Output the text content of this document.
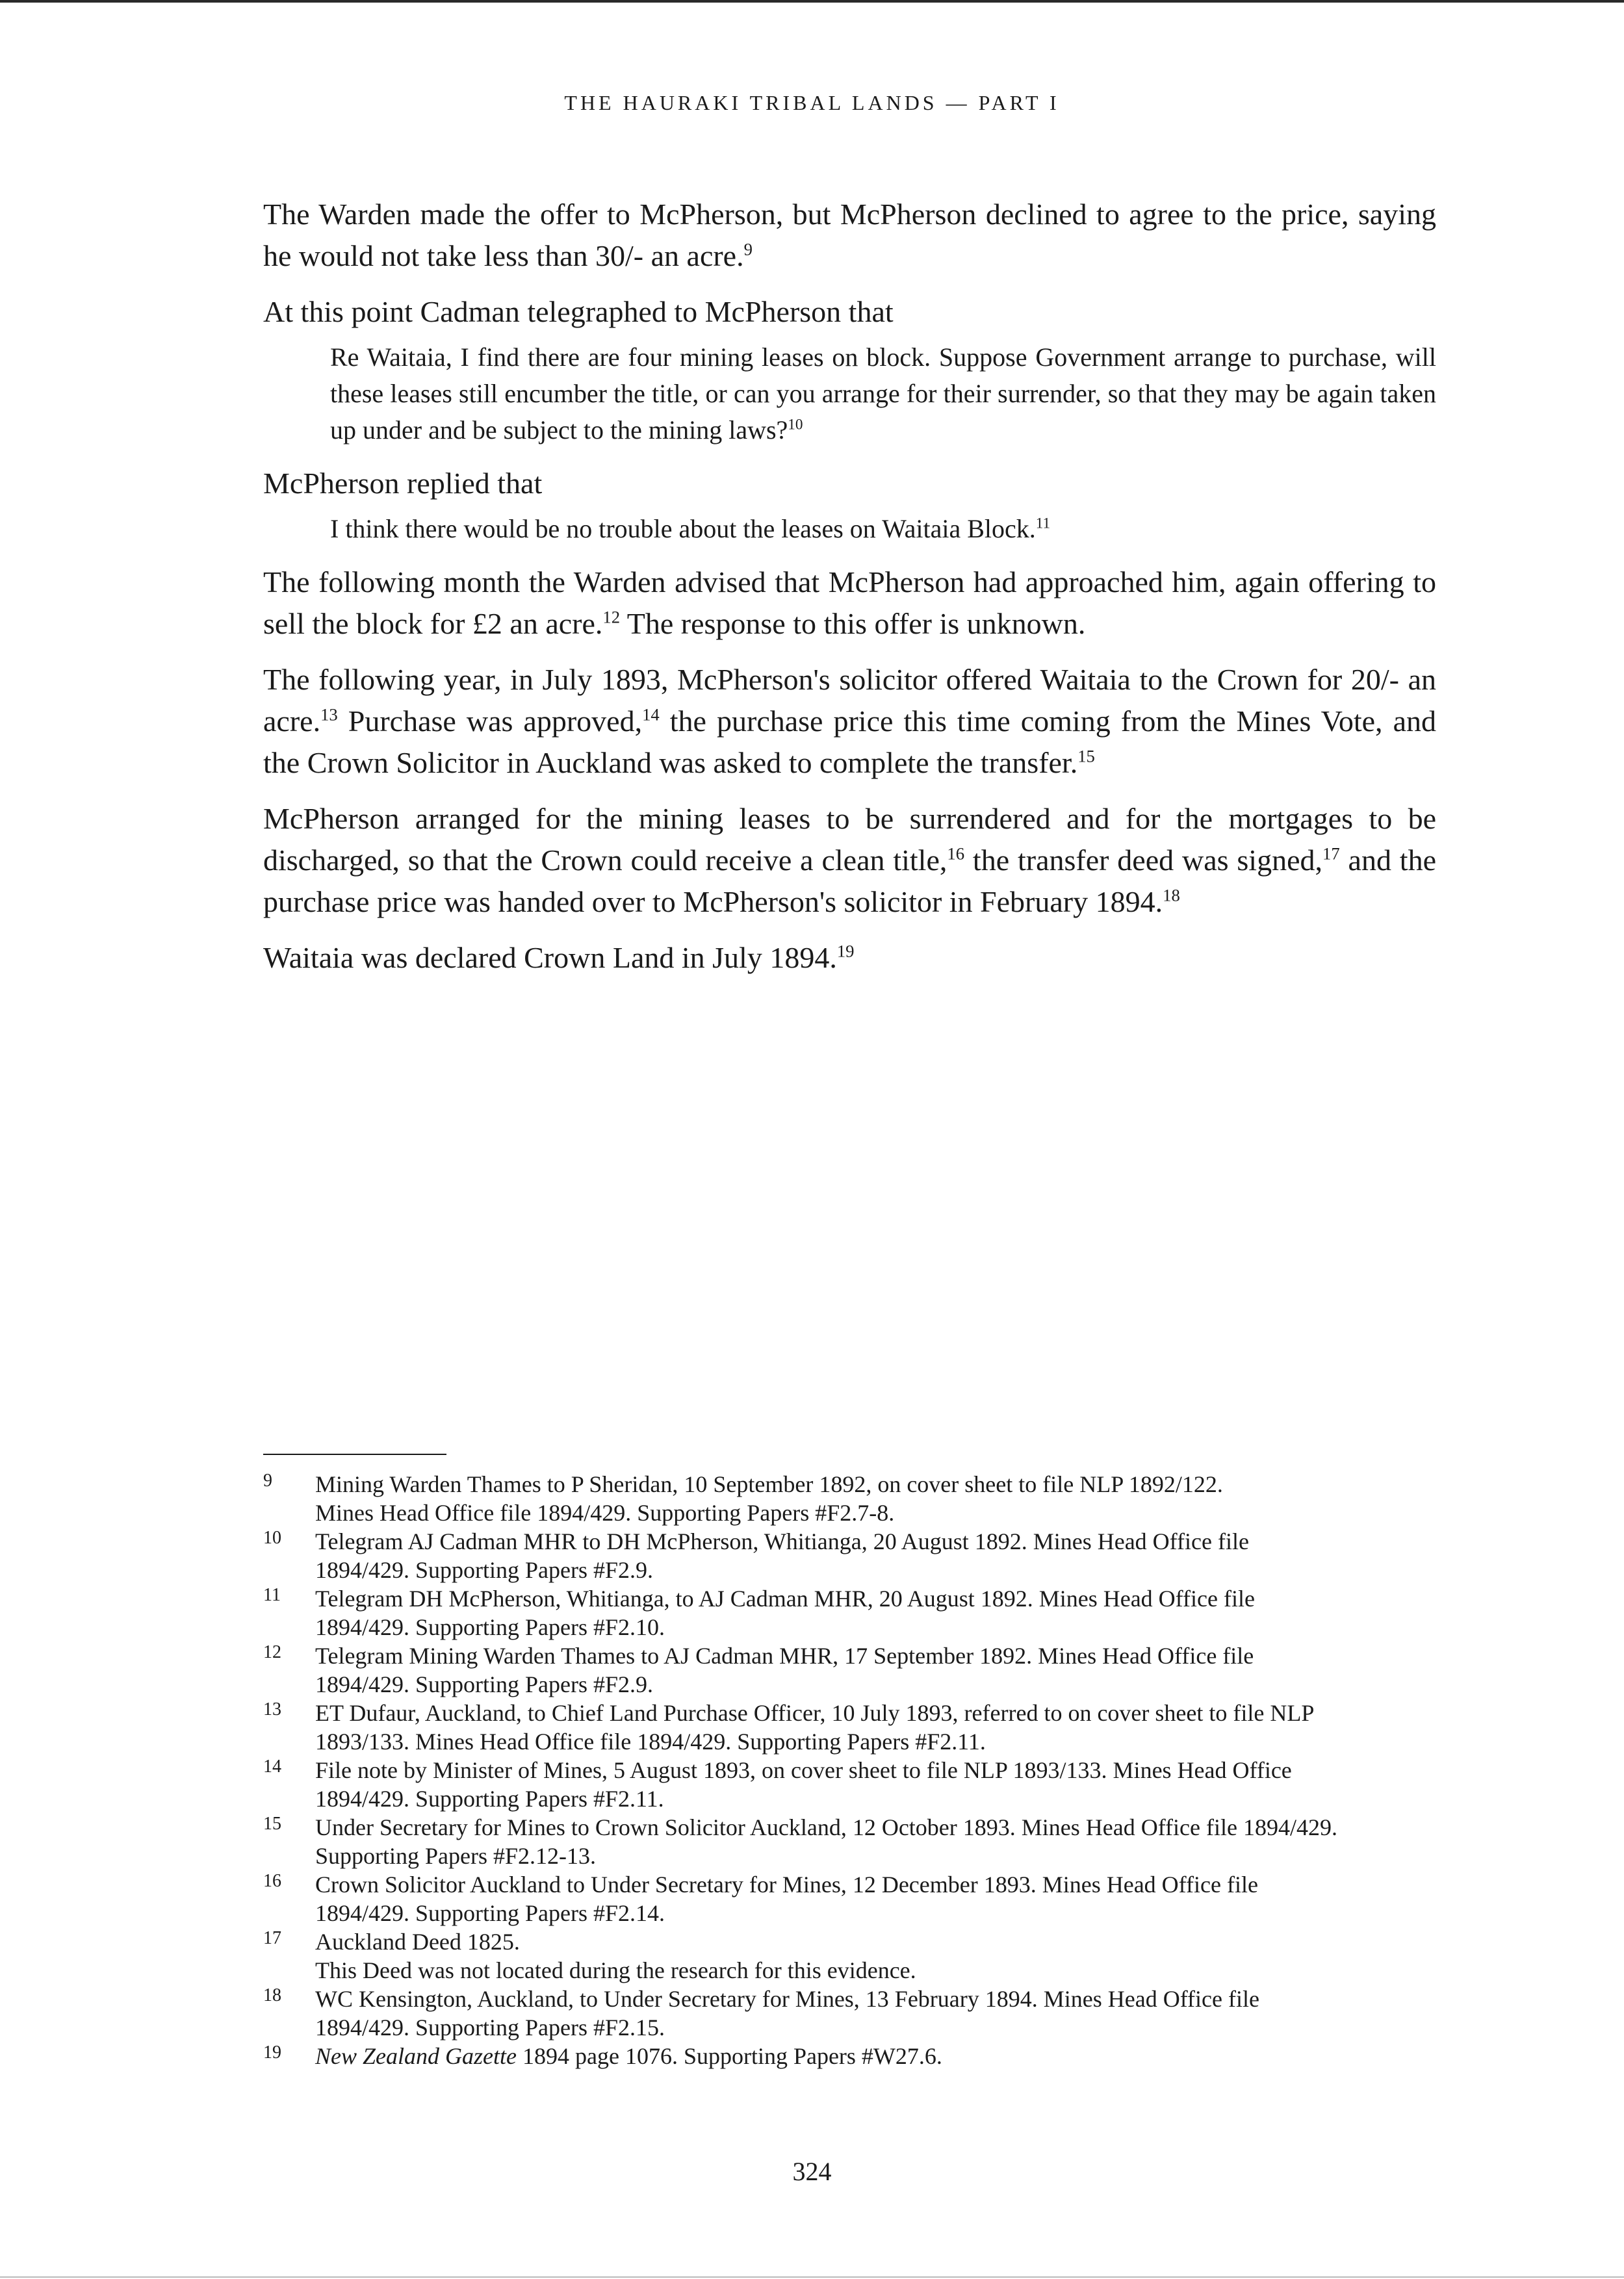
THE HAURAKI TRIBAL LANDS — PART I

The Warden made the offer to McPherson, but McPherson declined to agree to the price, saying he would not take less than 30/- an acre.$^9$

At this point Cadman telegraphed to McPherson that

Re Waitaia, I find there are four mining leases on block. Suppose Government arrange to purchase, will these leases still encumber the title, or can you arrange for their surrender, so that they may be again taken up under and be subject to the mining laws?$^{10}$

McPherson replied that

I think there would be no trouble about the leases on Waitaia Block.$^{11}$

The following month the Warden advised that McPherson had approached him, again offering to sell the block for £2 an acre.$^{12}$ The response to this offer is unknown.

The following year, in July 1893, McPherson's solicitor offered Waitaia to the Crown for 20/- an acre.$^{13}$ Purchase was approved,$^{14}$ the purchase price this time coming from the Mines Vote, and the Crown Solicitor in Auckland was asked to complete the transfer.$^{15}$

McPherson arranged for the mining leases to be surrendered and for the mortgages to be discharged, so that the Crown could receive a clean title,$^{16}$ the transfer deed was signed,$^{17}$ and the purchase price was handed over to McPherson's solicitor in February 1894.18

Waitaia was declared Crown Land in July 1894.19

9	Mining Warden Thames to P Sheridan, 10 September 1892, on cover sheet to file NLP 1892/122.
Mines Head Office file 1894/429. Supporting Papers #F2.7-8.
10	Telegram AJ Cadman MHR to DH McPherson, Whitianga, 20 August 1892. Mines Head Office file
1894/429. Supporting Papers #F2.9.
11	Telegram DH McPherson, Whitianga, to AJ Cadman MHR, 20 August 1892. Mines Head Office file
1894/429. Supporting Papers #F2.10.
12	Telegram Mining Warden Thames to AJ Cadman MHR, 17 September 1892. Mines Head Office file
1894/429. Supporting Papers #F2.9.
13	ET Dufaur, Auckland, to Chief Land Purchase Officer, 10 July 1893, referred to on cover sheet to file NLP
1893/133. Mines Head Office file 1894/429. Supporting Papers #F2.11.
14	File note by Minister of Mines, 5 August 1893, on cover sheet to file NLP 1893/133. Mines Head Office
1894/429. Supporting Papers #F2.11.
15	Under Secretary for Mines to Crown Solicitor Auckland, 12 October 1893. Mines Head Office file 1894/429.
Supporting Papers #F2.12-13.
16	Crown Solicitor Auckland to Under Secretary for Mines, 12 December 1893. Mines Head Office file
1894/429. Supporting Papers #F2.14.
17	Auckland Deed 1825.
This Deed was not located during the research for this evidence.
18	WC Kensington, Auckland, to Under Secretary for Mines, 13 February 1894. Mines Head Office file
1894/429. Supporting Papers #F2.15.
19	New Zealand Gazette 1894 page 1076. Supporting Papers #W27.6.
324
